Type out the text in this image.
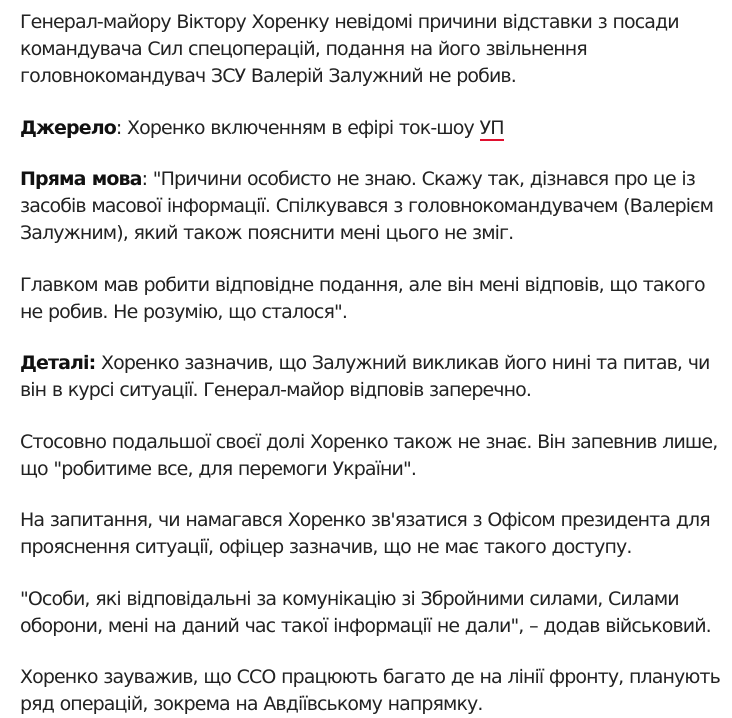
Генерал-майору Віктору Хоренку невідомі причини відставки з посади командувача Сил спецоперацій, подання на його звільнення головнокомандувач ЗСУ Валерій Залужний не робив.

Джерело: Хоренко включенням в ефірі ток-шоу УП

Пряма мова: "Причини особисто не знаю. Скажу так, дізнався про це із засобів масової інформації. Спілкувався з головнокомандувачем (Валерієм Залужним), який також пояснити мені цього не зміг.

Главком мав робити відповідне подання, але він мені відповів, що такого не робив. Не розумію, що сталося".

Деталі: Хоренко зазначив, що Залужний викликав його нині та питав, чи він в курсі ситуації. Генерал-майор відповів заперечно.

Стосовно подальшої своєї долі Хоренко також не знає. Він запевнив лише, що "робитиме все, для перемоги України".

На запитання, чи намагався Хоренко зв'язатися з Офісом президента для прояснення ситуації, офіцер зазначив, що не має такого доступу.

"Особи, які відповідальні за комунікацію зі Збройними силами, Силами оборони, мені на даний час такої інформації не дали", – додав військовий.

Хоренко зауважив, що ССО працюють багато де на лінії фронту, планують ряд операцій, зокрема на Авдіївському напрямку.
